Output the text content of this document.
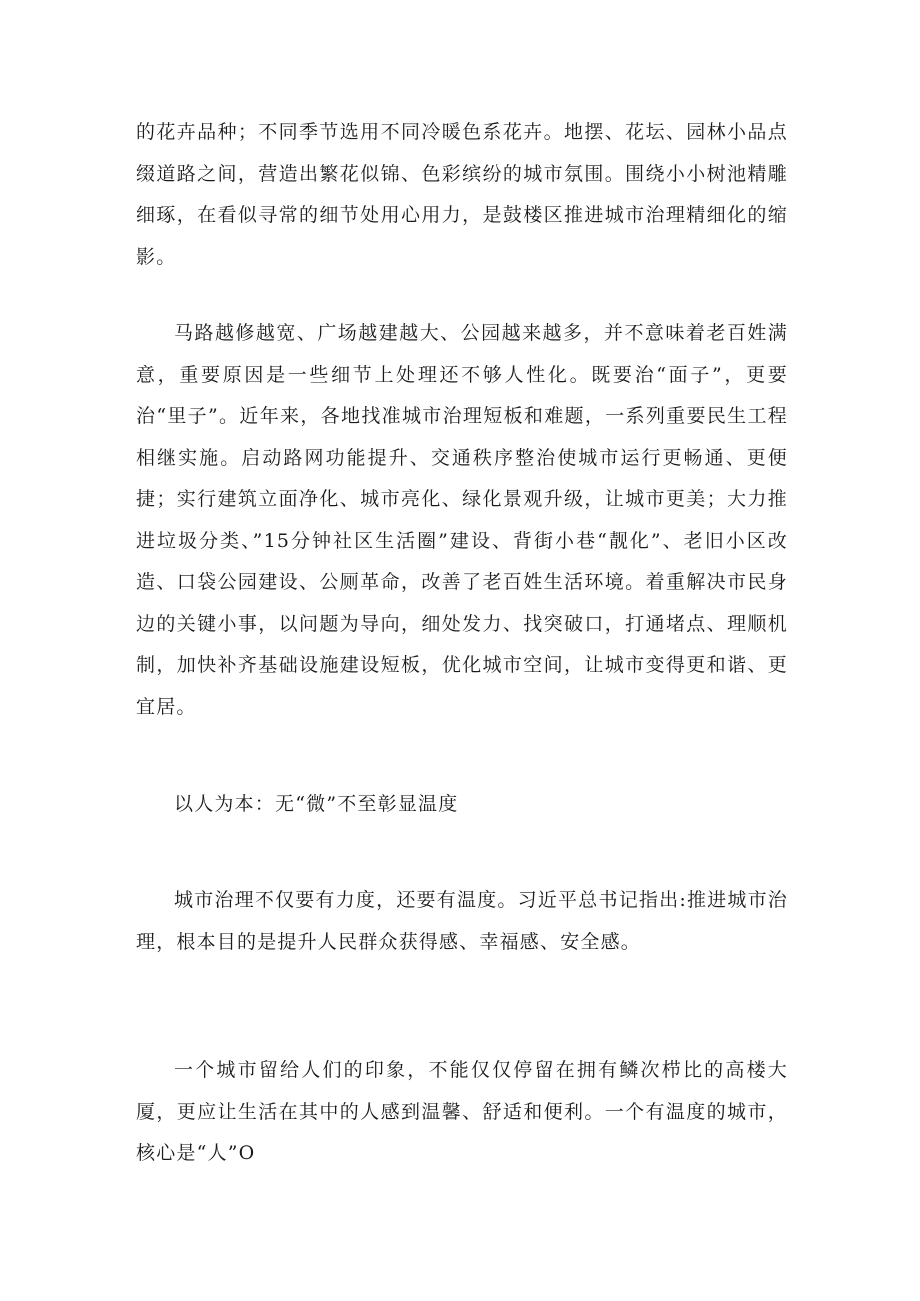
的花卉品种；不同季节选用不同冷暖色系花卉。地摆、花坛、园林小品点缀道路之间，营造出繁花似锦、色彩缤纷的城市氛围。围绕小小树池精雕细琢，在看似寻常的细节处用心用力，是鼓楼区推进城市治理精细化的缩影。

马路越修越宽、广场越建越大、公园越来越多，并不意味着老百姓满意，重要原因是一些细节上处理还不够人性化。既要治“面子”，更要治“里子”。近年来，各地找准城市治理短板和难题，一系列重要民生工程相继实施。启动路网功能提升、交通秩序整治使城市运行更畅通、更便捷；实行建筑立面净化、城市亮化、绿化景观升级，让城市更美；大力推进垃圾分类、”15分钟社区生活圈”建设、背街小巷“靓化”、老旧小区改造、口袋公园建设、公厕革命，改善了老百姓生活环境。着重解决市民身边的关键小事，以问题为导向，细处发力、找突破口，打通堵点、理顺机制，加快补齐基础设施建设短板，优化城市空间，让城市变得更和谐、更宜居。

以人为本：无“微”不至彰显温度

城市治理不仅要有力度，还要有温度。习近平总书记指出:推进城市治理，根本目的是提升人民群众获得感、幸福感、安全感。

一个城市留给人们的印象，不能仅仅停留在拥有鳞次栉比的高楼大厦，更应让生活在其中的人感到温馨、舒适和便利。一个有温度的城市，核心是“人”O
